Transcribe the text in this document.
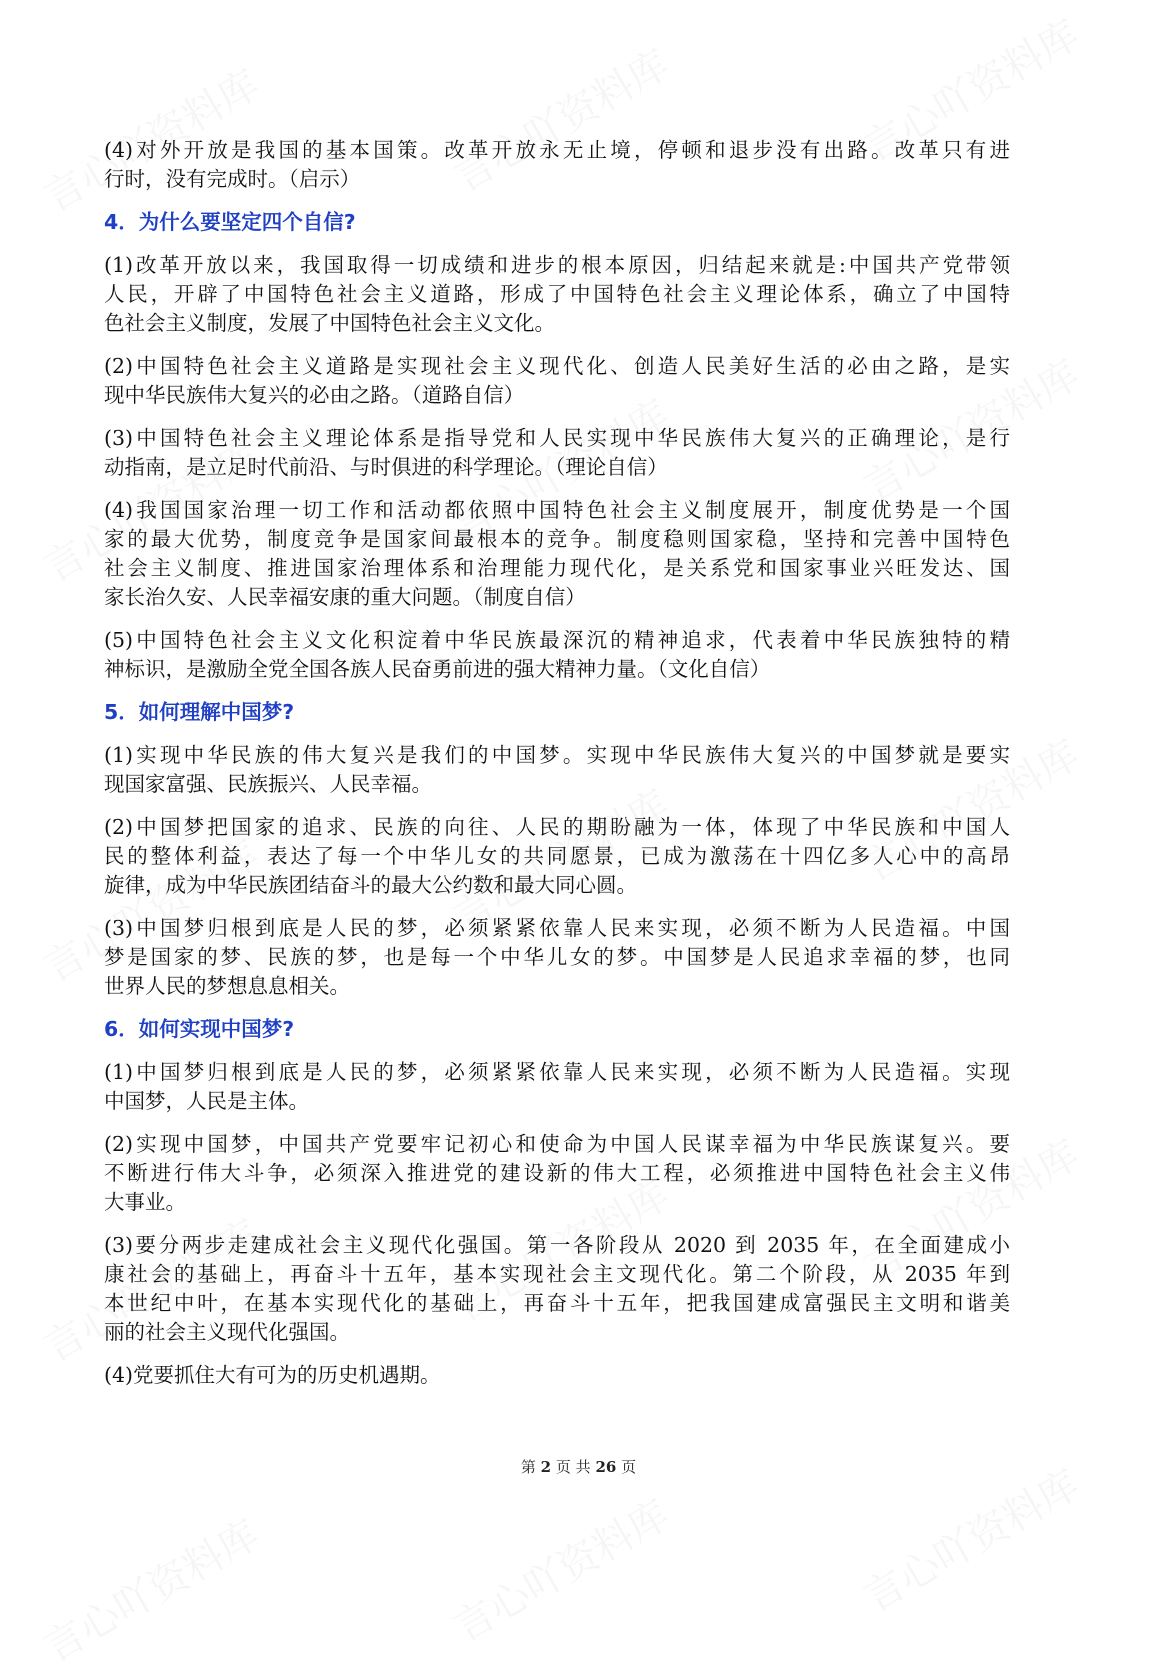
(4)对外开放是我国的基本国策。改革开放永无止境，停顿和退步没有出路。改革只有进
行时，没有完成时。（启示）
4．为什么要坚定四个自信?
(1)改革开放以来，我国取得一切成绩和进步的根本原因，归结起来就是:中国共产党带领
人民，开辟了中国特色社会主义道路，形成了中国特色社会主义理论体系，确立了中国特
色社会主义制度，发展了中国特色社会主义文化。
(2)中国特色社会主义道路是实现社会主义现代化、创造人民美好生活的必由之路，是实
现中华民族伟大复兴的必由之路。（道路自信）
(3)中国特色社会主义理论体系是指导党和人民实现中华民族伟大复兴的正确理论，是行
动指南，是立足时代前沿、与时俱进的科学理论。（理论自信）
(4)我国国家治理一切工作和活动都依照中国特色社会主义制度展开，制度优势是一个国
家的最大优势，制度竞争是国家间最根本的竞争。制度稳则国家稳，坚持和完善中国特色
社会主义制度、推进国家治理体系和治理能力现代化，是关系党和国家事业兴旺发达、国
家长治久安、人民幸福安康的重大问题。（制度自信）
(5)中国特色社会主义文化积淀着中华民族最深沉的精神追求，代表着中华民族独特的精
神标识，是激励全党全国各族人民奋勇前进的强大精神力量。（文化自信）
5．如何理解中国梦?
(1)实现中华民族的伟大复兴是我们的中国梦。实现中华民族伟大复兴的中国梦就是要实
现国家富强、民族振兴、人民幸福。
(2)中国梦把国家的追求、民族的向往、人民的期盼融为一体，体现了中华民族和中国人
民的整体利益，表达了每一个中华儿女的共同愿景，已成为激荡在十四亿多人心中的高昂
旋律，成为中华民族团结奋斗的最大公约数和最大同心圆。
(3)中国梦归根到底是人民的梦，必须紧紧依靠人民来实现，必须不断为人民造福。中国
梦是国家的梦、民族的梦，也是每一个中华儿女的梦。中国梦是人民追求幸福的梦，也同
世界人民的梦想息息相关。
6．如何实现中国梦?
(1)中国梦归根到底是人民的梦，必须紧紧依靠人民来实现，必须不断为人民造福。实现
中国梦，人民是主体。
(2)实现中国梦，中国共产党要牢记初心和使命为中国人民谋幸福为中华民族谋复兴。要
不断进行伟大斗争，必须深入推进党的建设新的伟大工程，必须推进中国特色社会主义伟
大事业。
(3)要分两步走建成社会主义现代化强国。第一各阶段从 2020 到 2035 年，在全面建成小
康社会的基础上，再奋斗十五年，基本实现社会主文现代化。第二个阶段，从 2035 年到
本世纪中叶，在基本实现代化的基础上，再奋斗十五年，把我国建成富强民主文明和谐美
丽的社会主义现代化强国。
(4)党要抓住大有可为的历史机遇期。
第 2 页 共 26 页
